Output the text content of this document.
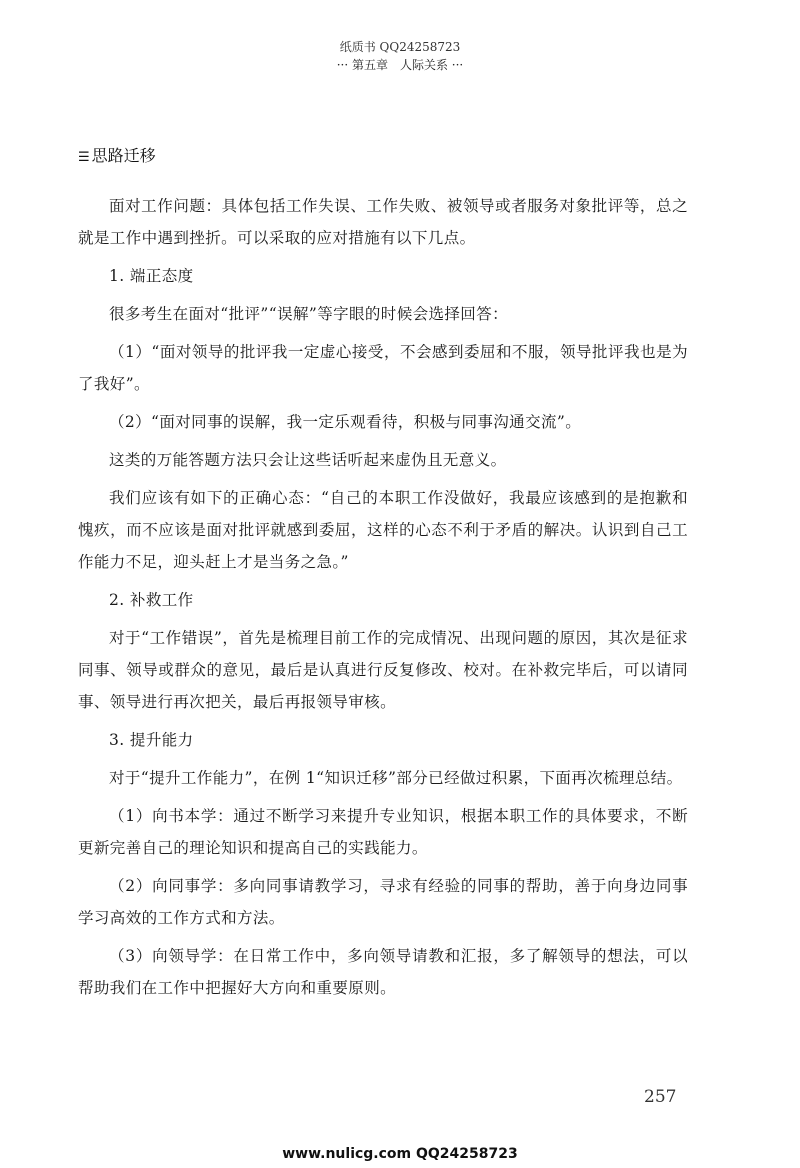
纸质书 QQ24258723
··· 第五章　人际关系 ···
☰ 思路迁移

面对工作问题：具体包括工作失误、工作失败、被领导或者服务对象批评等，总之就是工作中遇到挫折。可以采取的应对措施有以下几点。

1. 端正态度

很多考生在面对“批评”“误解”等字眼的时候会选择回答：

（1）“面对领导的批评我一定虚心接受，不会感到委屈和不服，领导批评我也是为了我好”。

（2）“面对同事的误解，我一定乐观看待，积极与同事沟通交流”。

这类的万能答题方法只会让这些话听起来虚伪且无意义。

我们应该有如下的正确心态：“自己的本职工作没做好，我最应该感到的是抱歉和愧疚，而不应该是面对批评就感到委屈，这样的心态不利于矛盾的解决。认识到自己工作能力不足，迎头赶上才是当务之急。”

2. 补救工作

对于“工作错误”，首先是梳理目前工作的完成情况、出现问题的原因，其次是征求同事、领导或群众的意见，最后是认真进行反复修改、校对。在补救完毕后，可以请同事、领导进行再次把关，最后再报领导审核。

3. 提升能力

对于“提升工作能力”，在例 1“知识迁移”部分已经做过积累，下面再次梳理总结。

（1）向书本学：通过不断学习来提升专业知识，根据本职工作的具体要求，不断更新完善自己的理论知识和提高自己的实践能力。

（2）向同事学：多向同事请教学习，寻求有经验的同事的帮助，善于向身边同事学习高效的工作方式和方法。

（3）向领导学：在日常工作中，多向领导请教和汇报，多了解领导的想法，可以帮助我们在工作中把握好大方向和重要原则。

257
www.nulicg.com QQ24258723
